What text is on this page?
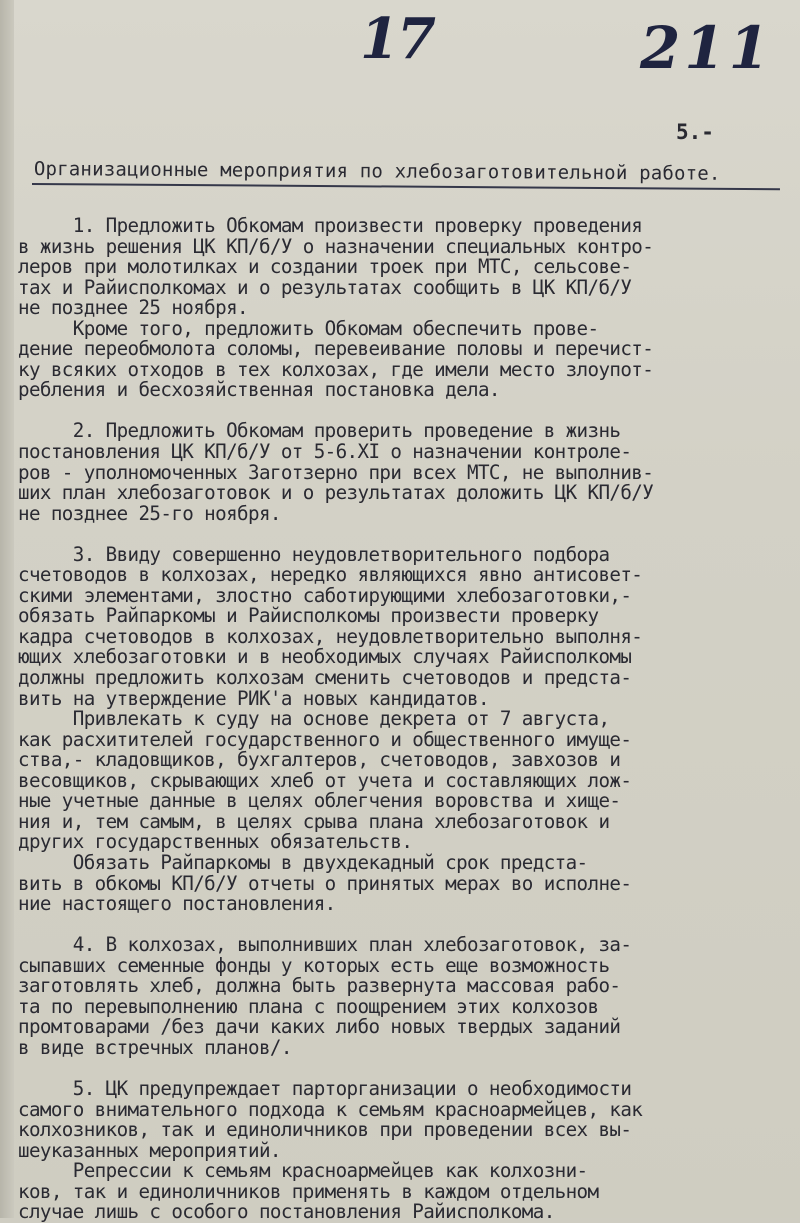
17	211
5.-
Организационные мероприятия по хлебозаготовительной работе.
1. Предложить Обкомам произвести проверку проведения
в жизнь решения ЦК КП/б/У о назначении специальных контро-
леров при молотилках и создании троек при МТС, сельсове-
тах и Райисполкомах и о результатах сообщить в ЦК КП/б/У
не позднее 25 ноября.
Кроме того, предложить Обкомам обеспечить прове-
дение переобмолота соломы, перевеивание половы и перечист-
ку всяких отходов в тех колхозах, где имели место злоупот-
ребления и бесхозяйственная постановка дела.
2. Предложить Обкомам проверить проведение в жизнь
постановления ЦК КП/б/У от 5-6.XI о назначении контроле-
ров - уполномоченных Заготзерно при всех МТС, не выполнив-
ших план хлебозаготовок и о результатах доложить ЦК КП/б/У
не позднее 25-го ноября.
3. Ввиду совершенно неудовлетворительного подбора
счетоводов в колхозах, нередко являющихся явно антисовет-
скими элементами, злостно саботирующими хлебозаготовки,-
обязать Райпаркомы и Райисполкомы произвести проверку
кадра счетоводов в колхозах, неудовлетворительно выполня-
ющих хлебозаготовки и в необходимых случаях Райисполкомы
должны предложить колхозам сменить счетоводов и предста-
вить на утверждение РИК'а новых кандидатов.
Привлекать к суду на основе декрета от 7 августа,
как расхитителей государственного и общественного имуще-
ства,- кладовщиков, бухгалтеров, счетоводов, завхозов и
весовщиков, скрывающих хлеб от учета и составляющих лож-
ные учетные данные в целях облегчения воровства и хище-
ния и, тем самым, в целях срыва плана хлебозаготовок и
других государственных обязательств.
Обязать Райпаркомы в двухдекадный срок предста-
вить в обкомы КП/б/У отчеты о принятых мерах во исполне-
ние настоящего постановления.
4. В колхозах, выполнивших план хлебозаготовок, за-
сыпавших семенные фонды у которых есть еще возможность
заготовлять хлеб, должна быть развернута массовая рабо-
та по перевыполнению плана с поощрением этих колхозов
промтоварами /без дачи каких либо новых твердых заданий
в виде встречных планов/.
5. ЦК предупреждает парторганизации о необходимости
самого внимательного подхода к семьям красноармейцев, как
колхозников, так и единоличников при проведении всех вы-
шеуказанных мероприятий.
Репрессии к семьям красноармейцев как колхозни-
ков, так и единоличников применять в каждом отдельном
случае лишь с особого постановления Райисполкома.
